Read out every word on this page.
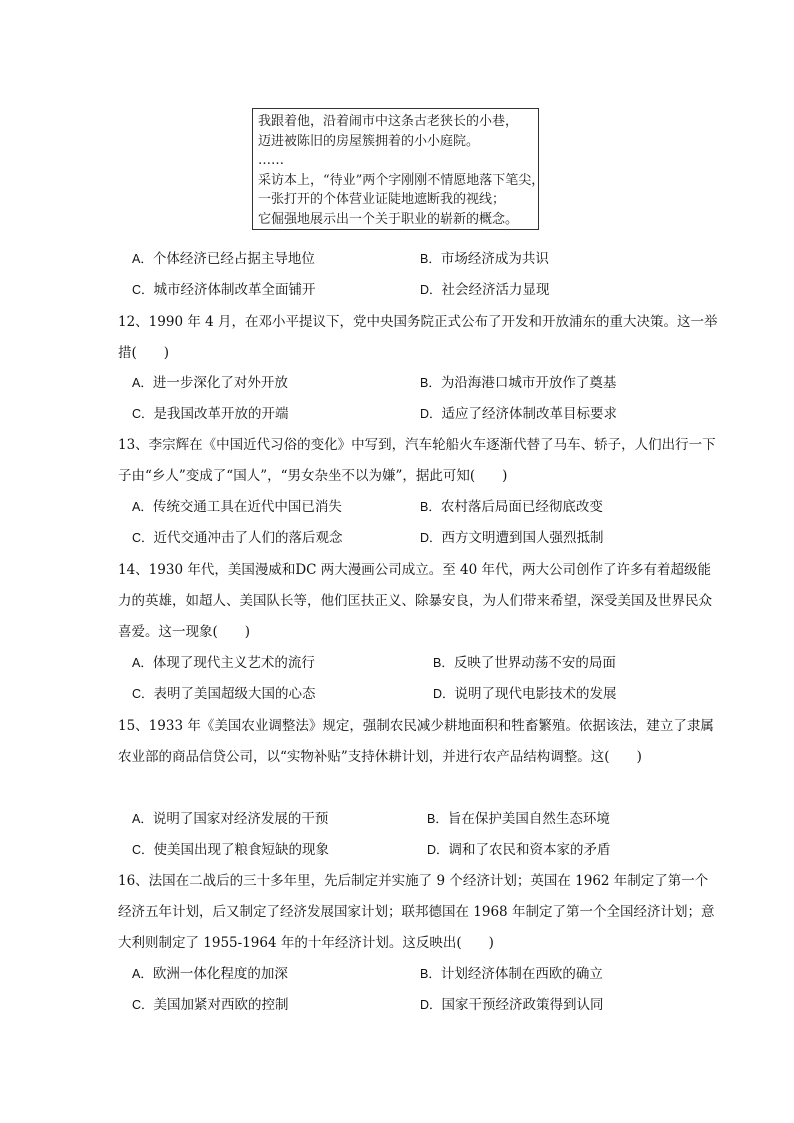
我跟着他，沿着闹市中这条古老狭长的小巷，
迈进被陈旧的房屋簇拥着的小小庭院。
……
采访本上，“待业”两个字刚刚不情愿地落下笔尖，
一张打开的个体营业证陡地遮断我的视线；
它倔强地展示出一个关于职业的崭新的概念。
A．个体经济已经占据主导地位	B．市场经济成为共识
C．城市经济体制改革全面铺开	D．社会经济活力显现
12、1990 年 4 月，在邓小平提议下，党中央国务院正式公布了开发和开放浦东的重大决策。这一举措(　　)
A．进一步深化了对外开放	B．为沿海港口城市开放作了奠基
C．是我国改革开放的开端	D．适应了经济体制改革目标要求
13、李宗辉在《中国近代习俗的变化》中写到，汽车轮船火车逐渐代替了马车、轿子，人们出行一下子由“乡人”变成了“国人”，“男女杂坐不以为嫌”，据此可知(　　)
A．传统交通工具在近代中国已消失	B．农村落后局面已经彻底改变
C．近代交通冲击了人们的落后观念	D．西方文明遭到国人强烈抵制
14、1930 年代，美国漫威和DC 两大漫画公司成立。至 40 年代，两大公司创作了许多有着超级能力的英雄，如超人、美国队长等，他们匡扶正义、除暴安良，为人们带来希望，深受美国及世界民众喜爱。这一现象(　　)
A．体现了现代主义艺术的流行	B．反映了世界动荡不安的局面
C．表明了美国超级大国的心态	D．说明了现代电影技术的发展
15、1933 年《美国农业调整法》规定，强制农民减少耕地面积和牲畜繁殖。依据该法，建立了隶属农业部的商品信贷公司，以“实物补贴”支持休耕计划，并进行农产品结构调整。这(　　)
A．说明了国家对经济发展的干预	B．旨在保护美国自然生态环境
C．使美国出现了粮食短缺的现象	D．调和了农民和资本家的矛盾
16、法国在二战后的三十多年里，先后制定并实施了 9 个经济计划；英国在 1962 年制定了第一个经济五年计划，后又制定了经济发展国家计划；联邦德国在 1968 年制定了第一个全国经济计划；意大利则制定了 1955-1964 年的十年经济计划。这反映出(　　)
A．欧洲一体化程度的加深	B．计划经济体制在西欧的确立
C．美国加紧对西欧的控制	D．国家干预经济政策得到认同
